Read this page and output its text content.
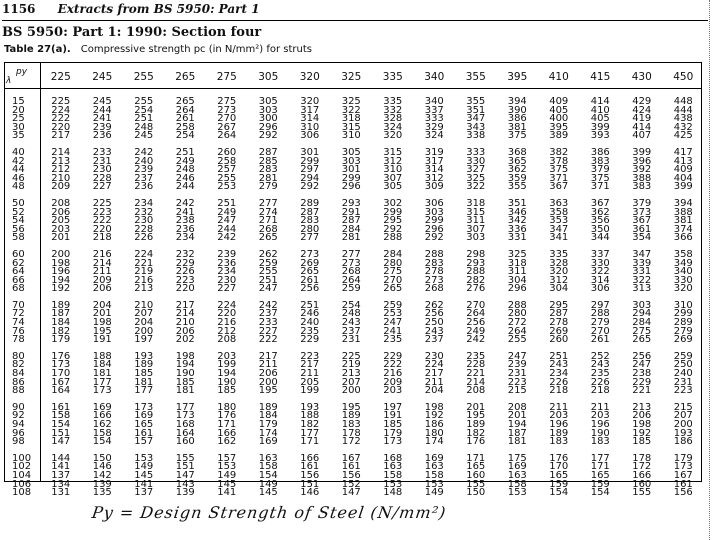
1156 Extracts from BS 5950: Part 1
BS 5950: Part 1: 1990: Section four
Table 27(a). Compressive strength pc (in N/mm²) for struts
py
λ	225	245	255	265	275	305	320	325	335	340	355	395	410	415	430	450

15	225	245	255	265	275	305	320	325	335	340	355	394	409	414	429	448
20	224	244	254	264	273	303	317	322	332	337	351	390	405	410	424	444
25	222	241	251	261	270	300	314	318	328	333	347	386	400	405	419	438
30	220	239	248	258	267	296	310	315	324	329	343	381	395	399	414	432
35	217	236	245	254	264	292	306	310	320	324	338	375	389	393	407	425

40	214	233	242	251	260	287	301	305	315	319	333	368	382	386	399	417
42	213	231	240	249	258	285	299	303	312	317	330	365	378	383	396	413
44	212	230	239	248	257	283	297	301	310	314	327	362	375	379	392	409
46	210	228	237	246	255	281	294	299	307	312	325	359	371	375	388	404
48	209	227	236	244	253	279	292	296	305	309	322	355	367	371	383	399

50	208	225	234	242	251	277	289	293	302	306	318	351	363	367	379	394
52	206	223	232	241	249	274	287	291	299	303	315	346	358	362	373	388
54	205	222	230	238	247	271	283	287	295	299	311	342	353	356	367	381
56	203	220	228	236	244	268	280	284	292	296	307	336	347	350	361	374
58	201	218	226	234	242	265	277	281	288	292	303	331	341	344	354	366

60	200	216	224	232	239	262	273	277	284	288	298	325	335	337	347	358
62	198	214	221	229	236	259	269	273	280	283	293	318	328	330	339	349
64	196	211	219	226	234	255	265	268	275	278	288	311	320	322	331	340
66	194	209	216	223	230	251	261	264	270	273	282	304	312	314	322	330
68	192	206	213	220	227	247	256	259	265	268	276	296	304	306	313	320

70	189	204	210	217	224	242	251	254	259	262	270	288	295	297	303	310
72	187	201	207	214	220	237	246	248	253	256	264	280	287	288	294	299
74	184	198	204	210	216	233	240	243	247	250	256	272	278	279	284	289
76	182	195	200	206	212	227	235	237	241	243	249	264	269	270	275	279
78	179	191	197	202	208	222	229	231	235	237	242	255	260	261	265	269

80	176	188	193	198	203	217	223	225	229	230	235	247	251	252	256	259
82	173	184	189	194	199	211	217	219	222	224	228	239	243	243	247	250
84	170	181	185	190	194	206	211	213	216	217	221	231	234	235	238	240
86	167	177	181	185	190	200	205	207	209	211	214	223	226	226	229	231
88	164	173	177	181	185	195	199	200	203	204	208	215	218	218	221	223

90	161	169	173	177	180	189	193	195	197	198	201	208	211	211	213	215
92	158	166	169	173	176	184	188	189	191	192	195	201	203	203	206	207
94	154	162	165	168	171	179	182	183	185	186	189	194	196	196	198	200
96	151	158	161	164	166	174	177	178	179	180	182	187	189	190	192	193
98	147	154	157	160	162	169	171	172	173	174	176	181	183	183	185	186

100	144	150	153	155	157	163	166	167	168	169	171	175	176	177	178	179
102	141	146	149	151	153	158	161	161	163	163	165	169	170	171	172	173
104	137	142	145	147	149	154	156	156	158	158	160	163	165	165	166	167
106	134	139	141	143	145	149	151	152	153	153	155	158	159	159	160	161
108	131	135	137	139	141	145	146	147	148	149	150	153	154	154	155	156
Py = Design Strength of Steel (N/mm²)
